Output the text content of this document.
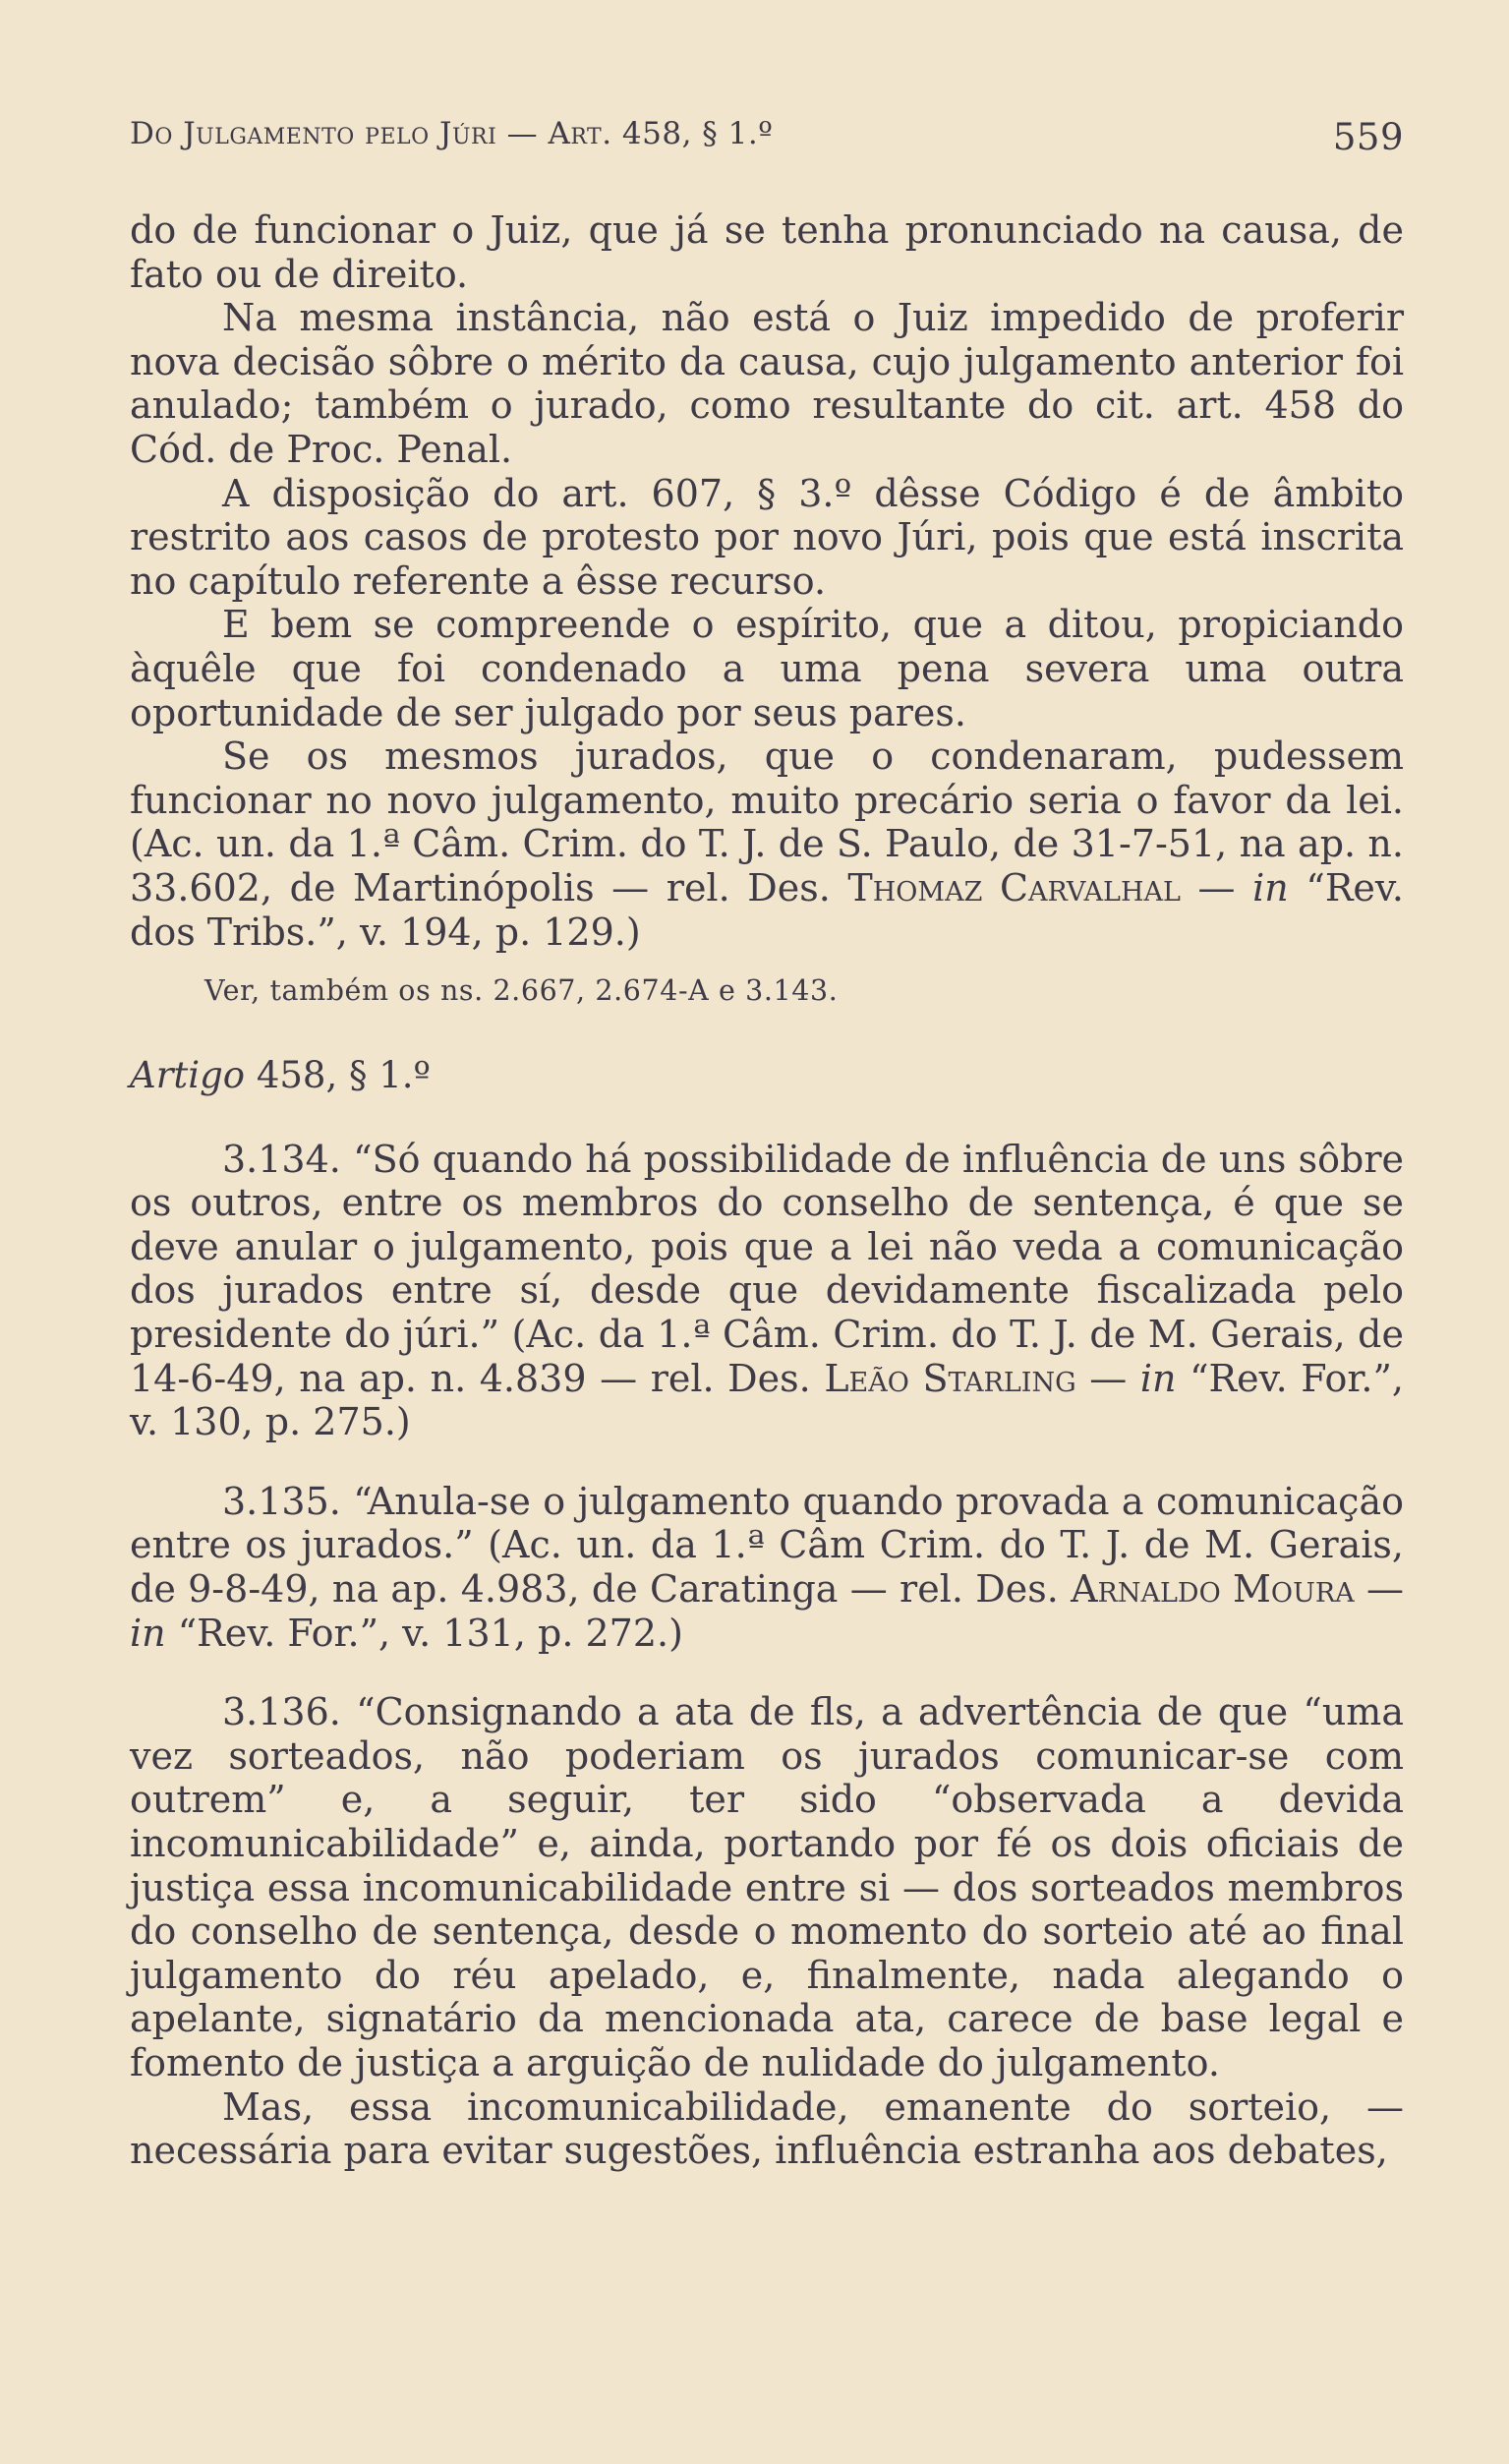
Do Julgamento pelo Júri — Art. 458, § 1.º	559

do de funcionar o Juiz, que já se tenha pronunciado na causa, de fato ou de direito.

Na mesma instância, não está o Juiz impedido de proferir nova decisão sôbre o mérito da causa, cujo julgamento anterior foi anulado; também o jurado, como resultante do cit. art. 458 do Cód. de Proc. Penal.

A disposição do art. 607, § 3.º dêsse Código é de âmbito restrito aos casos de protesto por novo Júri, pois que está inscrita no capítulo referente a êsse recurso.

E bem se compreende o espírito, que a ditou, propiciando àquêle que foi condenado a uma pena severa uma outra oportunidade de ser julgado por seus pares.

Se os mesmos jurados, que o condenaram, pudessem funcionar no novo julgamento, muito precário seria o favor da lei. (Ac. un. da 1.ª Câm. Crim. do T. J. de S. Paulo, de 31-7-51, na ap. n. 33.602, de Martinópolis — rel. Des. Thomaz Carvalhal — in “Rev. dos Tribs.”, v. 194, p. 129.)

Ver, também os ns. 2.667, 2.674-A e 3.143.

Artigo 458, § 1.º

3.134. “Só quando há possibilidade de influência de uns sôbre os outros, entre os membros do conselho de sentença, é que se deve anular o julgamento, pois que a lei não veda a comunicação dos jurados entre sí, desde que devidamente fiscalizada pelo presidente do júri.” (Ac. da 1.ª Câm. Crim. do T. J. de M. Gerais, de 14-6-49, na ap. n. 4.839 — rel. Des. Leão Starling — in “Rev. For.”, v. 130, p. 275.)

3.135. “Anula-se o julgamento quando provada a comunicação entre os jurados.” (Ac. un. da 1.ª Câm Crim. do T. J. de M. Gerais, de 9-8-49, na ap. 4.983, de Caratinga — rel. Des. Arnaldo Moura — in “Rev. For.”, v. 131, p. 272.)

3.136. “Consignando a ata de fls, a advertência de que “uma vez sorteados, não poderiam os jurados comunicar-se com outrem” e, a seguir, ter sido “observada a devida incomunicabilidade” e, ainda, portando por fé os dois oficiais de justiça essa incomunicabilidade entre si — dos sorteados membros do conselho de sentença, desde o momento do sorteio até ao final julgamento do réu apelado, e, finalmente, nada alegando o apelante, signatário da mencionada ata, carece de base legal e fomento de justiça a arguição de nulidade do julgamento.

Mas, essa incomunicabilidade, emanente do sorteio, — necessária para evitar sugestões, influência estranha aos debates,
